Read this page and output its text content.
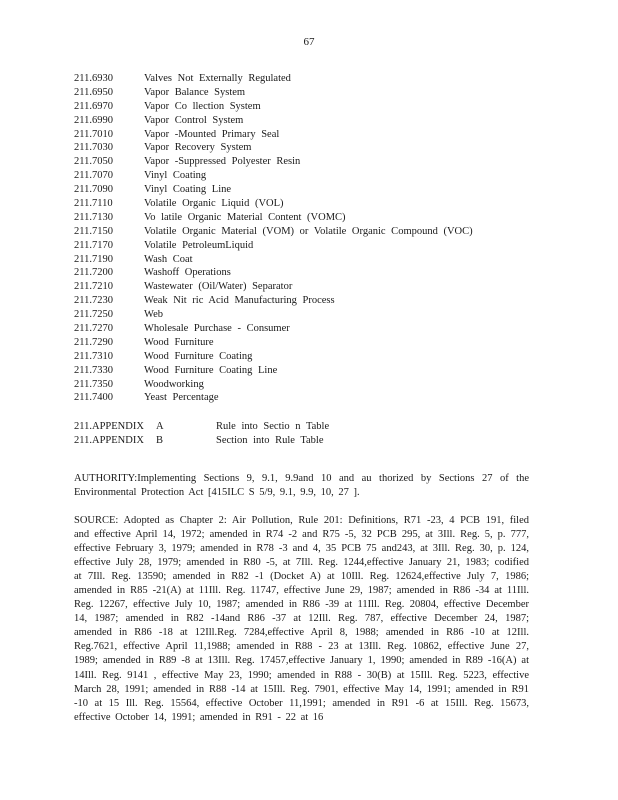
67
211.6930	Valves Not Externally Regulated
211.6950	Vapor Balance System
211.6970	Vapor Co llection System
211.6990	Vapor Control System
211.7010	Vapor -Mounted Primary Seal
211.7030	Vapor Recovery System
211.7050	Vapor -Suppressed Polyester Resin
211.7070	Vinyl Coating
211.7090	Vinyl Coating Line
211.7110	Volatile Organic Liquid (VOL)
211.7130	Vo latile Organic Material Content (VOMC)
211.7150	Volatile Organic Material (VOM) or Volatile Organic Compound (VOC)
211.7170	Volatile PetroleumLiquid
211.7190	Wash Coat
211.7200	Washoff Operations
211.7210	Wastewater (Oil/Water) Separator
211.7230	Weak Nit ric Acid Manufacturing Process
211.7250	Web
211.7270	Wholesale Purchase - Consumer
211.7290	Wood Furniture
211.7310	Wood Furniture Coating
211.7330	Wood Furniture Coating Line
211.7350	Woodworking
211.7400	Yeast Percentage
211.APPENDIX	A	Rule into Sectio n Table
211.APPENDIX	B	Section into Rule Table

AUTHORITY:Implementing Sections 9, 9.1, 9.9and 10 and au thorized by Sections 27 of the Environmental Protection Act [415ILC S 5/9, 9.1, 9.9, 10, 27 ].

SOURCE: Adopted as Chapter 2: Air Pollution, Rule 201: Definitions, R71 -23, 4 PCB 191, filed and effective April 14, 1972; amended in R74 -2 and R75 -5, 32 PCB 295, at 3Ill. Reg. 5, p. 777, effective February 3, 1979; amended in R78 -3 and 4, 35 PCB 75 and243, at 3Ill. Reg. 30, p. 124, effective July 28, 1979; amended in R80 -5, at 7Ill. Reg. 1244,effective January 21, 1983; codified at 7Ill. Reg. 13590; amended in R82 -1 (Docket A) at 10Ill. Reg. 12624,effective July 7, 1986; amended in R85 -21(A) at 11Ill. Reg. 11747, effective June 29, 1987; amended in R86 -34 at 11Ill. Reg. 12267, effective July 10, 1987; amended in R86 -39 at 11Ill. Reg. 20804, effective December 14, 1987; amended in R82 -14and R86 -37 at 12Ill. Reg. 787, effective December 24, 1987; amended in R86 -18 at 12Ill.Reg. 7284,effective April 8, 1988; amended in R86 -10 at 12Ill. Reg.7621, effective April 11,1988; amended in R88 - 23 at 13Ill. Reg. 10862, effective June 27, 1989; amended in R89 -8 at 13Ill. Reg. 17457,effective January 1, 1990; amended in R89 -16(A) at 14Ill. Reg. 9141 , effective May 23, 1990; amended in R88 - 30(B) at 15Ill. Reg. 5223, effective March 28, 1991; amended in R88 -14 at 15Ill. Reg. 7901, effective May 14, 1991; amended in R91 -10 at 15 Ill. Reg. 15564, effective October 11,1991; amended in R91 -6 at 15Ill. Reg. 15673, effective October 14, 1991; amended in R91 - 22 at 16
